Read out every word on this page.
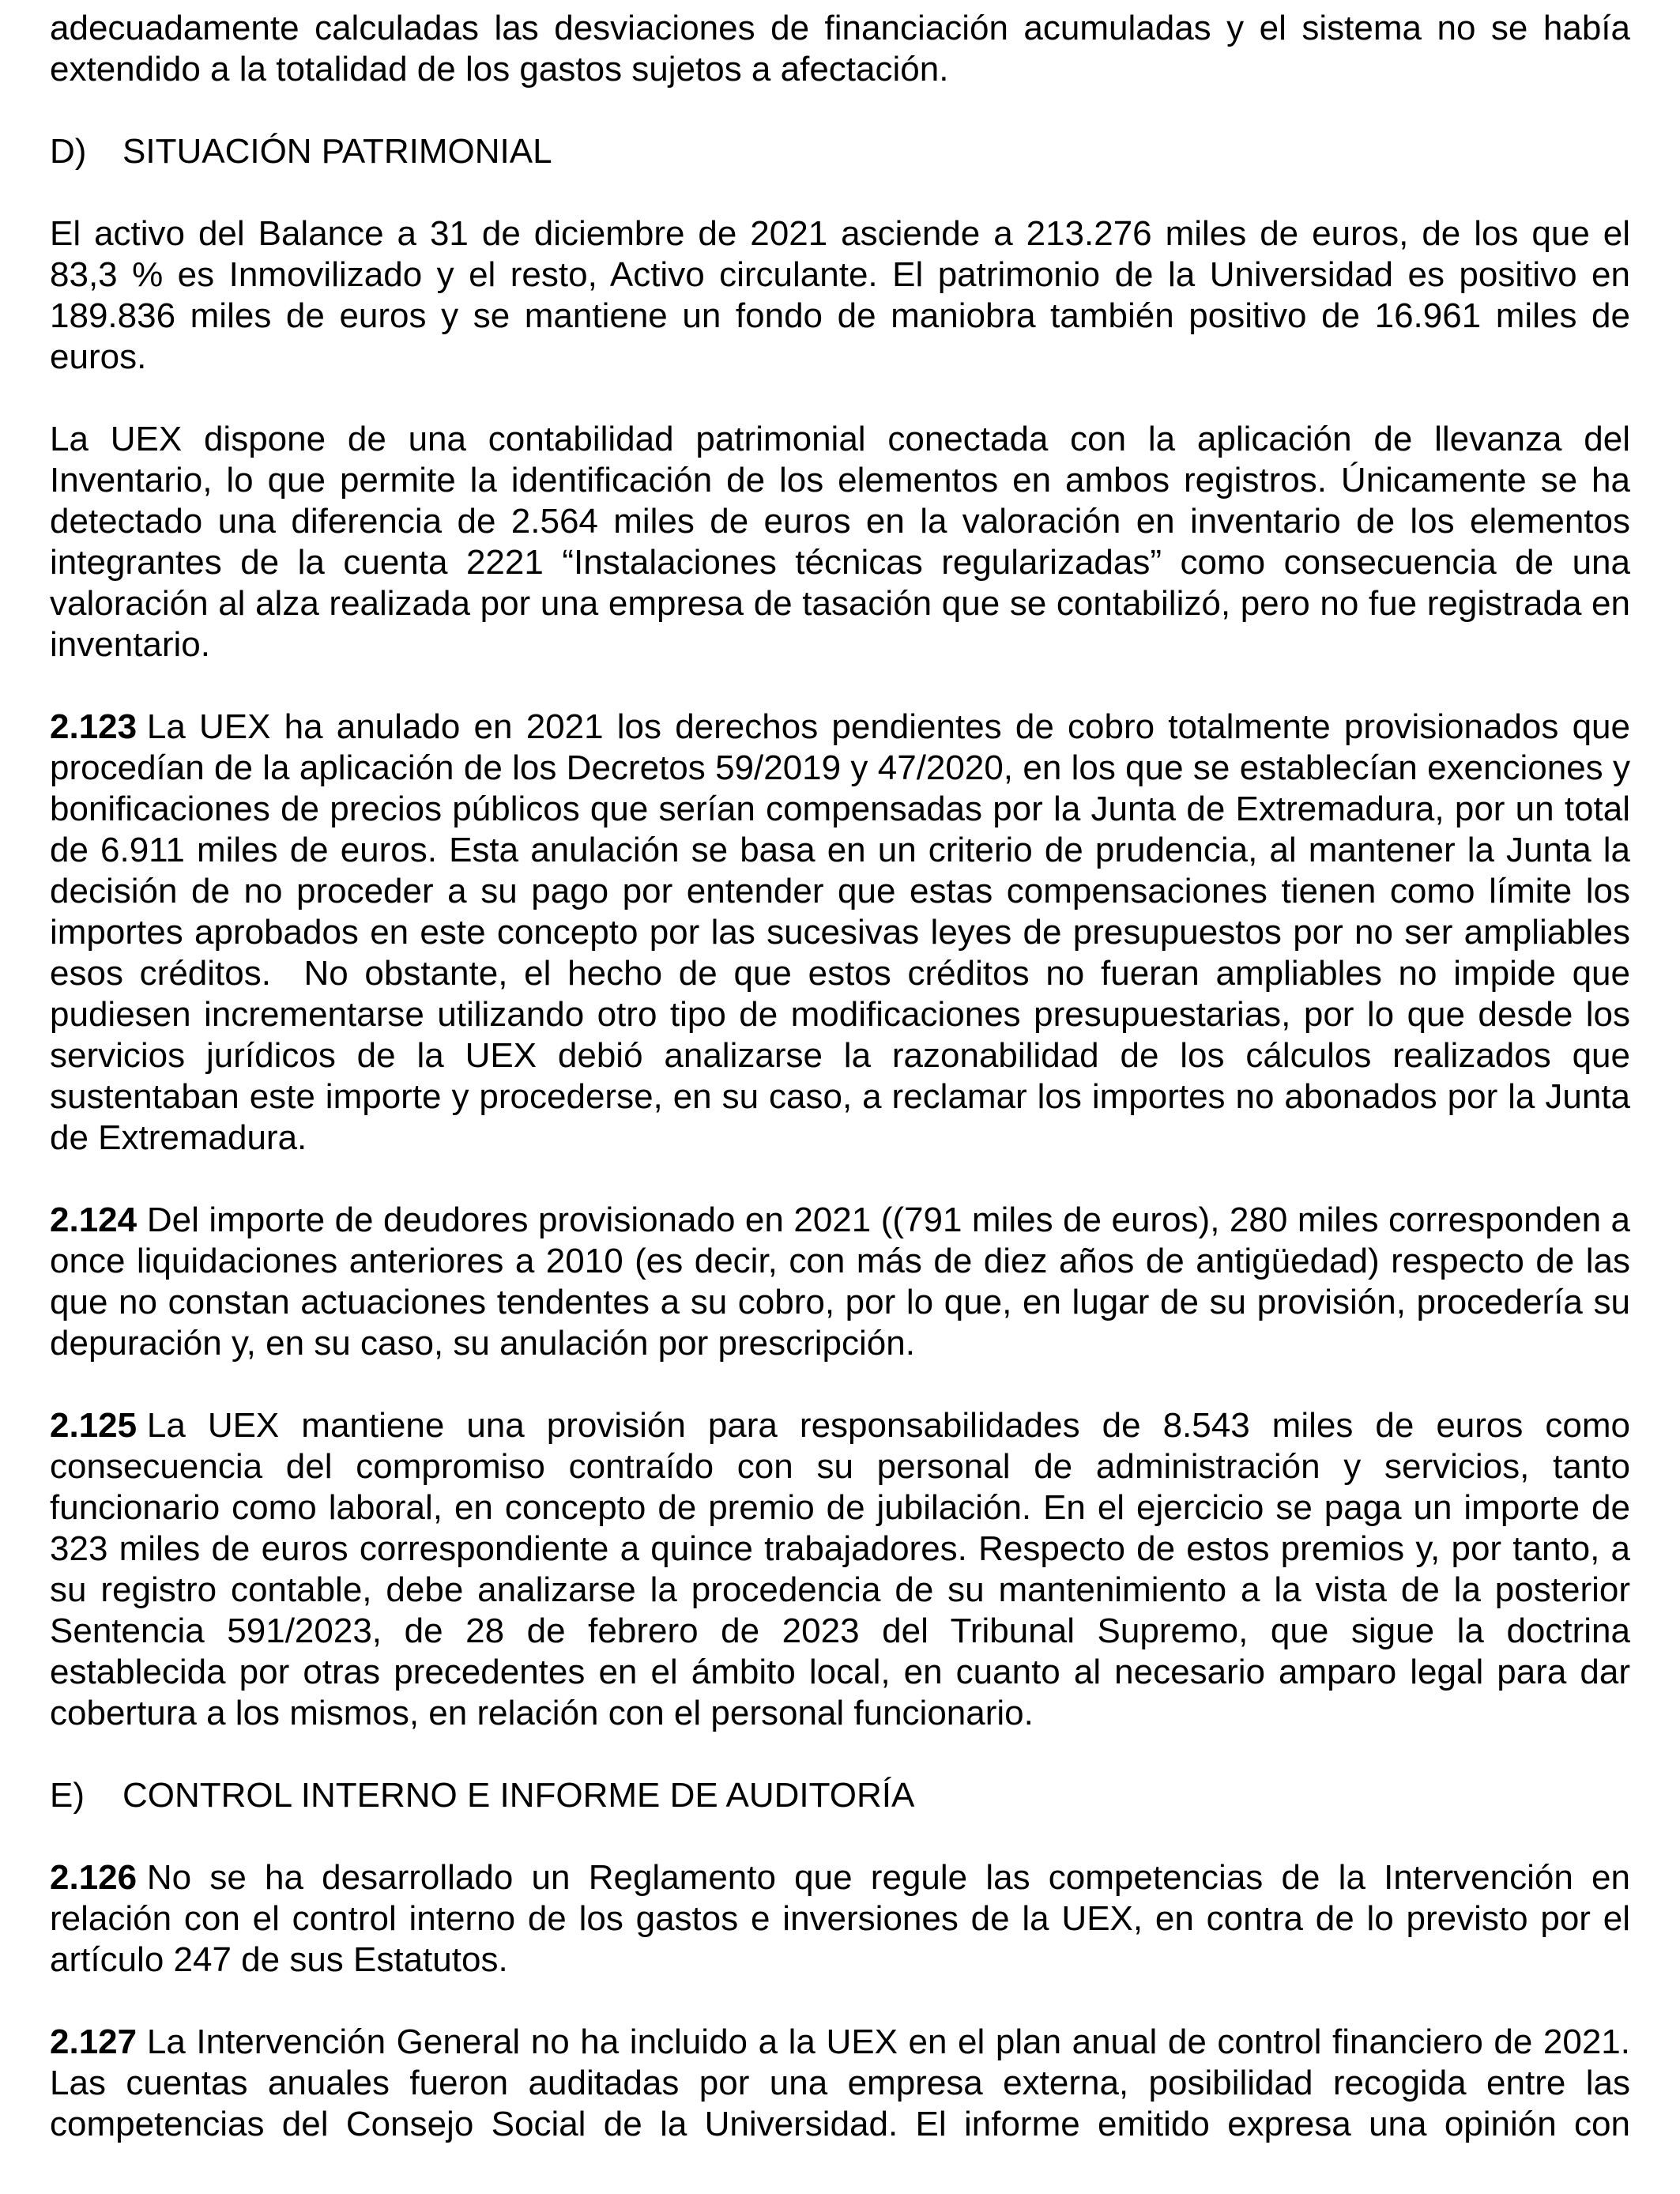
adecuadamente calculadas las desviaciones de financiación acumuladas y el sistema no se había extendido a la totalidad de los gastos sujetos a afectación.

D) SITUACIÓN PATRIMONIAL

El activo del Balance a 31 de diciembre de 2021 asciende a 213.276 miles de euros, de los que el 83,3 % es Inmovilizado y el resto, Activo circulante. El patrimonio de la Universidad es positivo en 189.836 miles de euros y se mantiene un fondo de maniobra también positivo de 16.961 miles de euros.

La UEX dispone de una contabilidad patrimonial conectada con la aplicación de llevanza del Inventario, lo que permite la identificación de los elementos en ambos registros. Únicamente se ha detectado una diferencia de 2.564 miles de euros en la valoración en inventario de los elementos integrantes de la cuenta 2221 “Instalaciones técnicas regularizadas” como consecuencia de una valoración al alza realizada por una empresa de tasación que se contabilizó, pero no fue registrada en inventario.

2.123 La UEX ha anulado en 2021 los derechos pendientes de cobro totalmente provisionados que procedían de la aplicación de los Decretos 59/2019 y 47/2020, en los que se establecían exenciones y bonificaciones de precios públicos que serían compensadas por la Junta de Extremadura, por un total de 6.911 miles de euros. Esta anulación se basa en un criterio de prudencia, al mantener la Junta la decisión de no proceder a su pago por entender que estas compensaciones tienen como límite los importes aprobados en este concepto por las sucesivas leyes de presupuestos por no ser ampliables esos créditos.  No obstante, el hecho de que estos créditos no fueran ampliables no impide que pudiesen incrementarse utilizando otro tipo de modificaciones presupuestarias, por lo que desde los servicios jurídicos de la UEX debió analizarse la razonabilidad de los cálculos realizados que sustentaban este importe y procederse, en su caso, a reclamar los importes no abonados por la Junta de Extremadura.

2.124 Del importe de deudores provisionado en 2021 ((791 miles de euros), 280 miles corresponden a once liquidaciones anteriores a 2010 (es decir, con más de diez años de antigüedad) respecto de las que no constan actuaciones tendentes a su cobro, por lo que, en lugar de su provisión, procedería su depuración y, en su caso, su anulación por prescripción.

2.125 La UEX mantiene una provisión para responsabilidades de 8.543 miles de euros como consecuencia del compromiso contraído con su personal de administración y servicios, tanto funcionario como laboral, en concepto de premio de jubilación. En el ejercicio se paga un importe de 323 miles de euros correspondiente a quince trabajadores. Respecto de estos premios y, por tanto, a su registro contable, debe analizarse la procedencia de su mantenimiento a la vista de la posterior Sentencia 591/2023, de 28 de febrero de 2023 del Tribunal Supremo, que sigue la doctrina establecida por otras precedentes en el ámbito local, en cuanto al necesario amparo legal para dar cobertura a los mismos, en relación con el personal funcionario.

E) CONTROL INTERNO E INFORME DE AUDITORÍA

2.126 No se ha desarrollado un Reglamento que regule las competencias de la Intervención en relación con el control interno de los gastos e inversiones de la UEX, en contra de lo previsto por el artículo 247 de sus Estatutos.

2.127 La Intervención General no ha incluido a la UEX en el plan anual de control financiero de 2021. Las cuentas anuales fueron auditadas por una empresa externa, posibilidad recogida entre las competencias del Consejo Social de la Universidad. El informe emitido expresa una opinión con
